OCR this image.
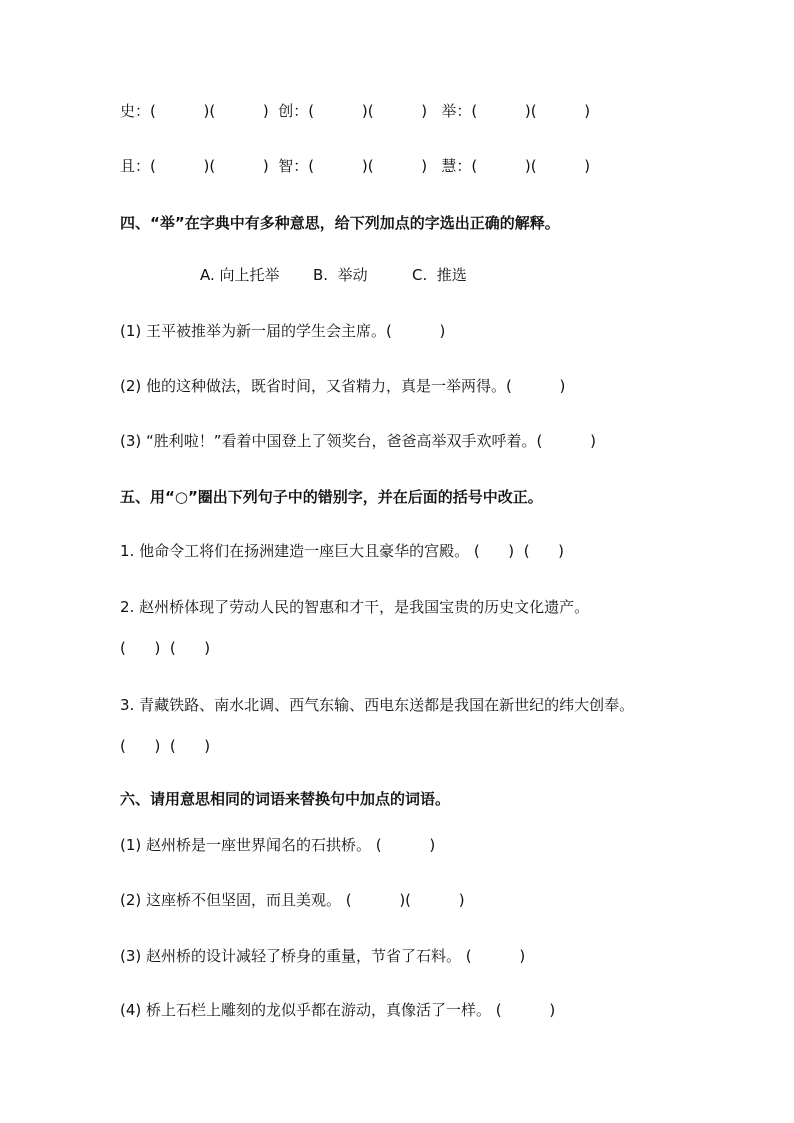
史：(          )(          )  创：(          )(          )   举：(          )(          )
且：(          )(          )  智：(          )(          )   慧：(          )(          )
四、“举”在字典中有多种意思，给下列加点的字选出正确的解释。
A. 向上托举 B.  举动	C.  推选
(1) 王平被推举为新一届的学生会主席。(          )
(2) 他的这种做法，既省时间，又省精力，真是一举两得。(          )
(3) “胜利啦！”看着中国登上了领奖台，爸爸高举双手欢呼着。(          )
五、用“○”圈出下列句子中的错别字，并在后面的括号中改正。
1. 他命令工将们在扬洲建造一座巨大且豪华的宫殿。 (      )  (      )
2. 赵州桥体现了劳动人民的智惠和才干，是我国宝贵的历史文化遗产。
(      )  (      )
3. 青藏铁路、南水北调、西气东输、西电东送都是我国在新世纪的纬大创奉。
(      )  (      )
六、请用意思相同的词语来替换句中加点的词语。
(1) 赵州桥是一座世界闻名的石拱桥。 (          )
(2) 这座桥不但坚固，而且美观。 (          )(          )
(3) 赵州桥的设计减轻了桥身的重量，节省了石料。 (          )
(4) 桥上石栏上雕刻的龙似乎都在游动，真像活了一样。 (          )
